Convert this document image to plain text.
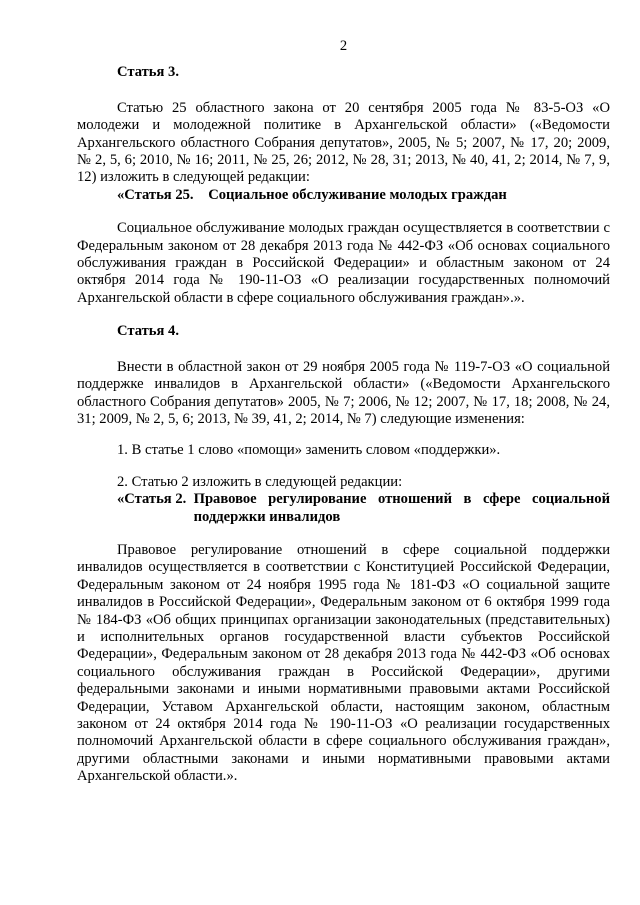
2

Статья 3.

Статью 25 областного закона от 20 сентября 2005 года № 83-5-ОЗ «О молодежи и молодежной политике в Архангельской области» («Ведомости Архангельского областного Собрания депутатов», 2005, № 5; 2007, № 17, 20; 2009, № 2, 5, 6; 2010, № 16; 2011, № 25, 26; 2012, № 28, 31; 2013, № 40, 41, 2; 2014, № 7, 9, 12) изложить в следующей редакции:

«Статья 25.
Социальное обслуживание молодых граждан

Социальное обслуживание молодых граждан осуществляется в соответствии с Федеральным законом от 28 декабря 2013 года № 442-ФЗ «Об основах социального обслуживания граждан в Российской Федерации» и областным законом от 24 октября 2014 года № 190-11-ОЗ «О реализации государственных полномочий Архангельской области в сфере социального обслуживания граждан».».

Статья 4.

Внести в областной закон от 29 ноября 2005 года № 119-7-ОЗ «О социальной поддержке инвалидов в Архангельской области» («Ведомости Архангельского областного Собрания депутатов» 2005, № 7; 2006, № 12; 2007, № 17, 18; 2008, № 24, 31; 2009, № 2, 5, 6; 2013, № 39, 41, 2; 2014, № 7) следующие изменения:

1. В статье 1 слово «помощи» заменить словом «поддержки».

2. Статью 2 изложить в следующей редакции:

«Статья 2.
Правовое регулирование отношений в сфере социальной поддержки инвалидов

Правовое регулирование отношений в сфере социальной поддержки инвалидов осуществляется в соответствии с Конституцией Российской Федерации, Федеральным законом от 24 ноября 1995 года № 181-ФЗ «О социальной защите инвалидов в Российской Федерации», Федеральным законом от 6 октября 1999 года № 184-ФЗ «Об общих принципах организации законодательных (представительных) и исполнительных органов государственной власти субъектов Российской Федерации», Федеральным законом от 28 декабря 2013 года № 442-ФЗ «Об основах социального обслуживания граждан в Российской Федерации», другими федеральными законами и иными нормативными правовыми актами Российской Федерации, Уставом Архангельской области, настоящим законом, областным законом от 24 октября 2014 года № 190-11-ОЗ «О реализации государственных полномочий Архангельской области в сфере социального обслуживания граждан», другими областными законами и иными нормативными правовыми актами Архангельской области.».
